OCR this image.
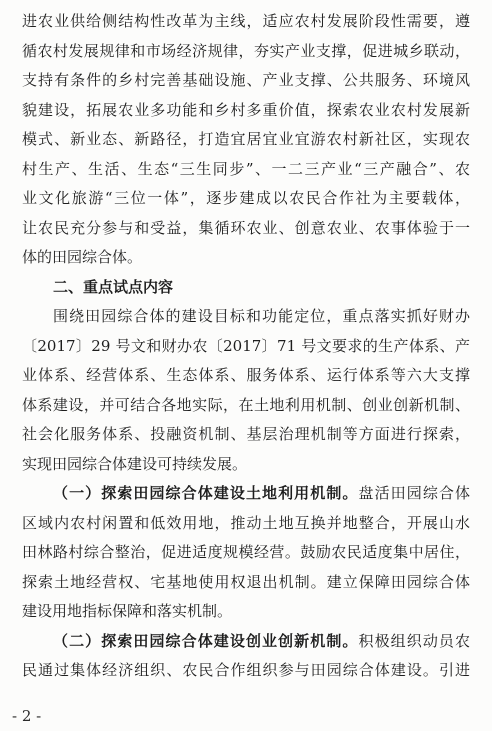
进农业供给侧结构性改革为主线，适应农村发展阶段性需要，遵
循农村发展规律和市场经济规律，夯实产业支撑，促进城乡联动，
支持有条件的乡村完善基础设施、产业支撑、公共服务、环境风
貌建设，拓展农业多功能和乡村多重价值，探索农业农村发展新
模式、新业态、新路径，打造宜居宜业宜游农村新社区，实现农
村生产、生活、生态“三生同步”、一二三产业“三产融合”、农
业文化旅游“三位一体”，逐步建成以农民合作社为主要载体，
让农民充分参与和受益，集循环农业、创意农业、农事体验于一
体的田园综合体。
二、重点试点内容
围绕田园综合体的建设目标和功能定位，重点落实抓好财办
〔2017〕29 号文和财办农〔2017〕71 号文要求的生产体系、产
业体系、经营体系、生态体系、服务体系、运行体系等六大支撑
体系建设，并可结合各地实际，在土地利用机制、创业创新机制、
社会化服务体系、投融资机制、基层治理机制等方面进行探索，
实现田园综合体建设可持续发展。
（一）探索田园综合体建设土地利用机制。盘活田园综合体
区域内农村闲置和低效用地，推动土地互换并地整合，开展山水
田林路村综合整治，促进适度规模经营。鼓励农民适度集中居住，
探索土地经营权、宅基地使用权退出机制。建立保障田园综合体
建设用地指标保障和落实机制。
（二）探索田园综合体建设创业创新机制。积极组织动员农
民通过集体经济组织、农民合作组织参与田园综合体建设。引进
- 2 -
